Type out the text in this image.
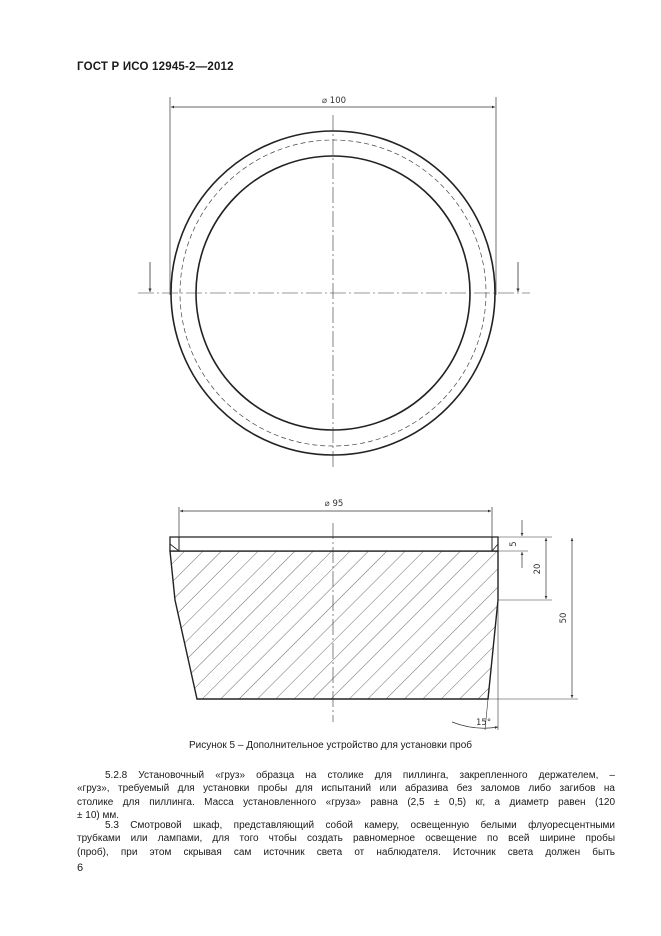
ГОСТ Р ИСО 12945-2—2012
⌀ 100
⌀ 95
5
20
50
15°
Рисунок 5 – Дополнительное устройство для установки проб
5.2.8 Установочный «груз» образца на столике для пиллинга, закрепленного держателем, –
«груз», требуемый для установки пробы для испытаний или абразива без заломов либо загибов на
столике для пиллинга. Масса установленного «груза» равна (2,5 ± 0,5) кг, а диаметр равен (120
± 10) мм.
5.3 Смотровой шкаф, представляющий собой камеру, освещенную белыми флуоресцентными
трубками или лампами, для того чтобы создать равномерное освещение по всей ширине пробы
(проб), при этом скрывая сам источник света от наблюдателя. Источник света должен быть
6
